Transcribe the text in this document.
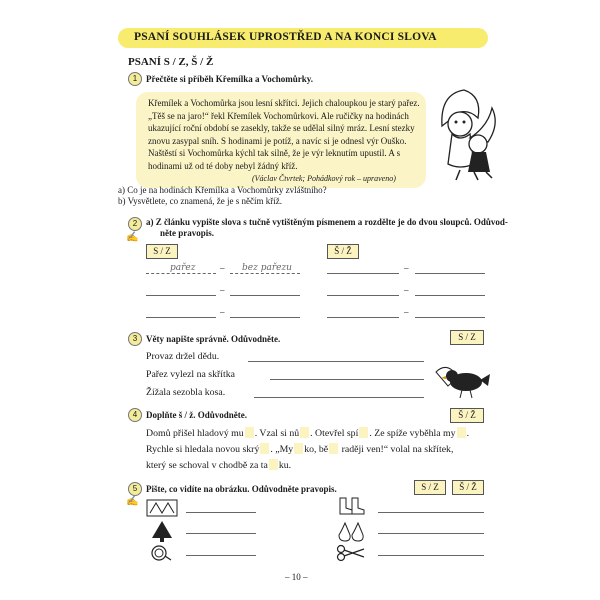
PSANÍ SOUHLÁSEK UPROSTŘED A NA KONCI SLOVA
PSANÍ S / Z, Š / Ž
1 Přečtěte si příběh Křemílka a Vochomůrky.
Křemílek a Vochomůrka jsou lesní skřítci. Jejich chaloupkou je starý pařez. „Těš se na jaro!“ řekl Křemílek Vochomůrkovi. Ale ručičky na hodinách ukazující roční období se zasekly, takže se udělal silný mráz. Lesní stezky znovu zasypal sníh. S hodinami je potíž, a navíc si je odnesl výr Ouško. Naštěstí si Vochomůrka kýchl tak silně, že je výr leknutím upustil. A s hodinami už od té doby nebyl žádný kříž.
(Václav Čtvrtek; Pohádkový rok – upraveno)
a) Co je na hodinách Křemílka a Vochomůrky zvláštního?
b) Vysvětlete, co znamená, že je s něčím kříž.
2
✍
a) Z článku vypište slova s tučně vytištěným písmenem a rozdělte je do dvou sloupců. Odůvod-
něte pravopis.
S / Z	Š / Ž
pařez	– bez pařezu	–
–	–
–	–
3 Věty napište správně. Odůvodněte.	S / Z
Provaz držel dědu.
Pařez vylezl na skřítka
Žížala sezobla kosa.
4 Doplňte š / ž. Odůvodněte.	Š / Ž
Domů přišel hladový mu . Vzal si nů . Otevřel spí . Ze spíže vyběhla my .
Rychle si hledala novou skrý . „My ko, bě raději ven!“ volal na skřítek,
který se schoval v chodbě za ta ku.
5
✍
Pište, co vidíte na obrázku. Odůvodněte pravopis.	S / Z	Š / Ž
– 10 –
